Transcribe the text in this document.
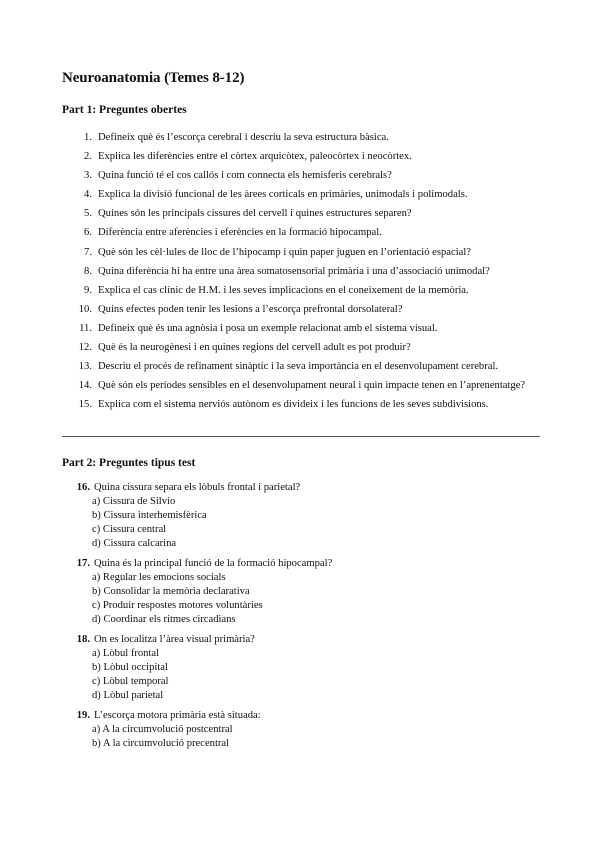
Neuroanatomia (Temes 8-12)
Part 1: Preguntes obertes
1. Defineix què és l’escorça cerebral i descriu la seva estructura bàsica.
2. Explica les diferències entre el còrtex arquicòtex, paleocòrtex i neocòrtex.
3. Quina funció té el cos callós i com connecta els hemisferis cerebrals?
4. Explica la divisió funcional de les àrees corticals en primàries, unimodals i polimodals.
5. Quines són les principals cissures del cervell i quines estructures separen?
6. Diferència entre aferències i eferències en la formació hipocampal.
7. Què són les cèl·lules de lloc de l’hipocamp i quin paper juguen en l’orientació espacial?
8. Quina diferència hi ha entre una àrea somatosensorial primària i una d’associació unimodal?
9. Explica el cas clínic de H.M. i les seves implicacions en el coneixement de la memòria.
10. Quins efectes poden tenir les lesions a l’escorça prefrontal dorsolateral?
11. Defineix què és una agnòsia i posa un exemple relacionat amb el sistema visual.
12. Què és la neurogènesi i en quines regions del cervell adult es pot produir?
13. Descriu el procés de refinament sinàptic i la seva importància en el desenvolupament cerebral.
14. Què són els períodes sensibles en el desenvolupament neural i quin impacte tenen en l’aprenentatge?
15. Explica com el sistema nerviós autònom es divideix i les funcions de les seves subdivisions.
Part 2: Preguntes tipus test
16. Quina cissura separa els lòbuls frontal i parietal?
a) Cissura de Silvio
b) Cissura interhemisfèrica
c) Cissura central
d) Cissura calcarina
17. Quina és la principal funció de la formació hipocampal?
a) Regular les emocions socials
b) Consolidar la memòria declarativa
c) Produir respostes motores voluntàries
d) Coordinar els ritmes circadians
18. On es localitza l’àrea visual primària?
a) Lòbul frontal
b) Lòbul occipital
c) Lòbul temporal
d) Lòbul parietal
19. L’escorça motora primària està situada:
a) A la circumvolució postcentral
b) A la circumvolució precentral
